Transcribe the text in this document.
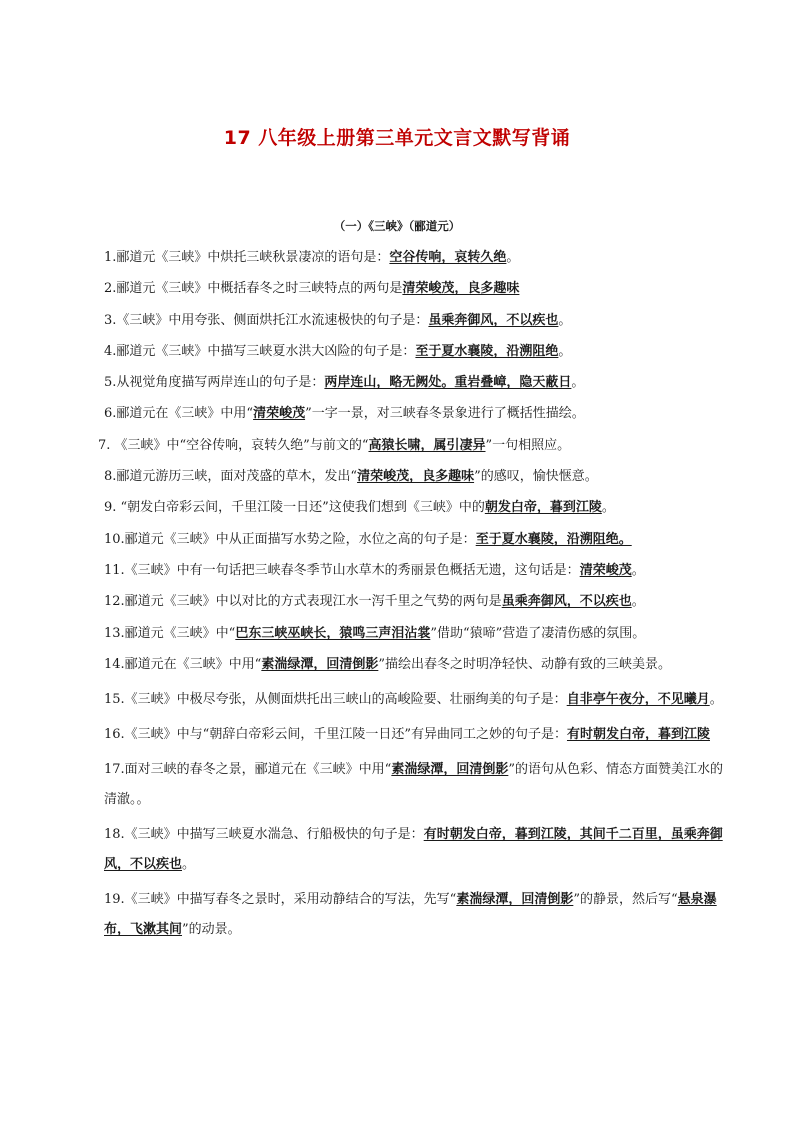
17 八年级上册第三单元文言文默写背诵
（一）《三峡》（郦道元）
1.郦道元《三峡》中烘托三峡秋景凄凉的语句是：空谷传响，哀转久绝。
2.郦道元《三峡》中概括春冬之时三峡特点的两句是清荣峻茂，良多趣味
3.《三峡》中用夸张、侧面烘托江水流速极快的句子是：虽乘奔御风，不以疾也。
4.郦道元《三峡》中描写三峡夏水洪大凶险的句子是：至于夏水襄陵，沿溯阻绝。
5.从视觉角度描写两岸连山的句子是：两岸连山，略无阙处。重岩叠嶂，隐天蔽日。
6.郦道元在《三峡》中用“清荣峻茂”一字一景，对三峡春冬景象进行了概括性描绘。
7. 《三峡》中“空谷传响，哀转久绝”与前文的“高猿长啸，属引凄异”一句相照应。
8.郦道元游历三峡，面对茂盛的草木，发出“清荣峻茂，良多趣味”的感叹，愉快惬意。
9. “朝发白帝彩云间，千里江陵一日还”这使我们想到《三峡》中的朝发白帝，暮到江陵。
10.郦道元《三峡》中从正面描写水势之险，水位之高的句子是：至于夏水襄陵，沿溯阻绝。
11.《三峡》中有一句话把三峡春冬季节山水草木的秀丽景色概括无遗，这句话是：清荣峻茂。
12.郦道元《三峡》中以对比的方式表现江水一泻千里之气势的两句是虽乘奔御风，不以疾也。
13.郦道元《三峡》中“巴东三峡巫峡长，猿鸣三声泪沾裳”借助“猿啼”营造了凄清伤感的氛围。
14.郦道元在《三峡》中用“素湍绿潭，回清倒影”描绘出春冬之时明净轻快、动静有致的三峡美景。
15.《三峡》中极尽夸张，从侧面烘托出三峡山的高峻险要、壮丽绚美的句子是：自非亭午夜分，不见曦月。
16.《三峡》中与“朝辞白帝彩云间，千里江陵一日还”有异曲同工之妙的句子是：有时朝发白帝，暮到江陵
17.面对三峡的春冬之景，郦道元在《三峡》中用“素湍绿潭，回清倒影”的语句从色彩、情态方面赞美江水的清澈。。
18.《三峡》中描写三峡夏水湍急、行船极快的句子是：有时朝发白帝，暮到江陵，其间千二百里，虽乘奔御风，不以疾也。
19.《三峡》中描写春冬之景时，采用动静结合的写法，先写“素湍绿潭，回清倒影”的静景，然后写“悬泉瀑布，飞漱其间”的动景。
